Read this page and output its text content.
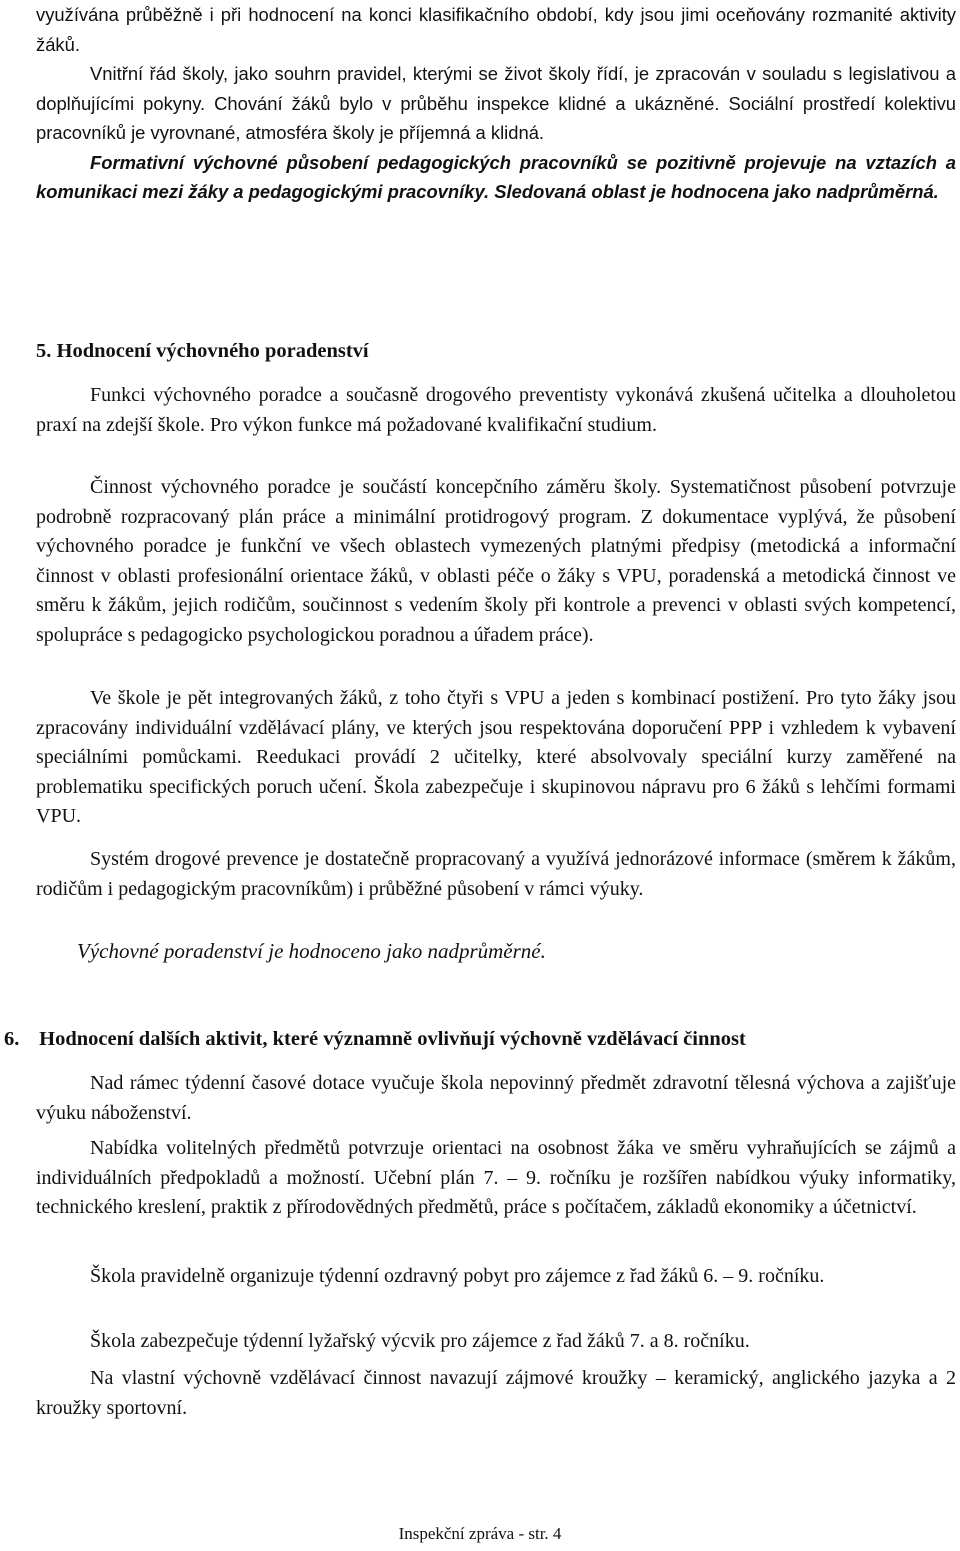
využívána průběžně i při hodnocení na konci klasifikačního období, kdy jsou jimi oceňovány rozmanité aktivity žáků.

Vnitřní řád školy, jako souhrn pravidel, kterými se život školy řídí, je zpracován v souladu s legislativou a doplňujícími pokyny. Chování žáků bylo v průběhu inspekce klidné a ukázněné. Sociální prostředí kolektivu pracovníků je vyrovnané, atmosféra školy je příjemná a klidná.

Formativní výchovné působení pedagogických pracovníků se pozitivně projevuje na vztazích a komunikaci mezi žáky a pedagogickými pracovníky. Sledovaná oblast je hodnocena jako nadprůměrná.

5. Hodnocení výchovného poradenství

Funkci výchovného poradce a současně drogového preventisty vykonává zkušená učitelka a dlouholetou praxí na zdejší škole. Pro výkon funkce má požadované kvalifikační studium.

Činnost výchovného poradce je součástí koncepčního záměru školy. Systematičnost působení potvrzuje podrobně rozpracovaný plán práce a minimální protidrogový program. Z dokumentace vyplývá, že působení výchovného poradce je funkční ve všech oblastech vymezených platnými předpisy (metodická a informační činnost v oblasti profesionální orientace žáků, v oblasti péče o žáky s VPU, poradenská a metodická činnost ve směru k žákům, jejich rodičům, součinnost s vedením školy při kontrole a prevenci v oblasti svých kompetencí, spolupráce s pedagogicko psychologickou poradnou a úřadem práce).

Ve škole je pět integrovaných žáků, z toho čtyři s VPU a jeden s kombinací postižení. Pro tyto žáky jsou zpracovány individuální vzdělávací plány, ve kterých jsou respektována doporučení PPP i vzhledem k vybavení speciálními pomůckami. Reedukaci provádí 2 učitelky, které absolvovaly speciální kurzy zaměřené na problematiku specifických poruch učení. Škola zabezpečuje i skupinovou nápravu pro 6 žáků s lehčími formami VPU.

Systém drogové prevence je dostatečně propracovaný a využívá jednorázové informace (směrem k žákům, rodičům i pedagogickým pracovníkům) i průběžné působení v rámci výuky.

Výchovné poradenství je hodnoceno jako nadprůměrné.

6. Hodnocení dalších aktivit, které významně ovlivňují výchovně vzdělávací činnost

Nad rámec týdenní časové dotace vyučuje škola nepovinný předmět zdravotní tělesná výchova a zajišťuje výuku náboženství.

Nabídka volitelných předmětů potvrzuje orientaci na osobnost žáka ve směru vyhraňujících se zájmů a individuálních předpokladů a možností. Učební plán 7. – 9. ročníku je rozšířen nabídkou výuky informatiky, technického kreslení, praktik z přírodovědných předmětů, práce s počítačem, základů ekonomiky a účetnictví.

Škola pravidelně organizuje týdenní ozdravný pobyt pro zájemce z řad žáků 6. – 9. ročníku.

Škola zabezpečuje týdenní lyžařský výcvik pro zájemce z řad žáků 7. a 8. ročníku.

Na vlastní výchovně vzdělávací činnost navazují zájmové kroužky – keramický, anglického jazyka a 2 kroužky sportovní.

Inspekční zpráva - str. 4
